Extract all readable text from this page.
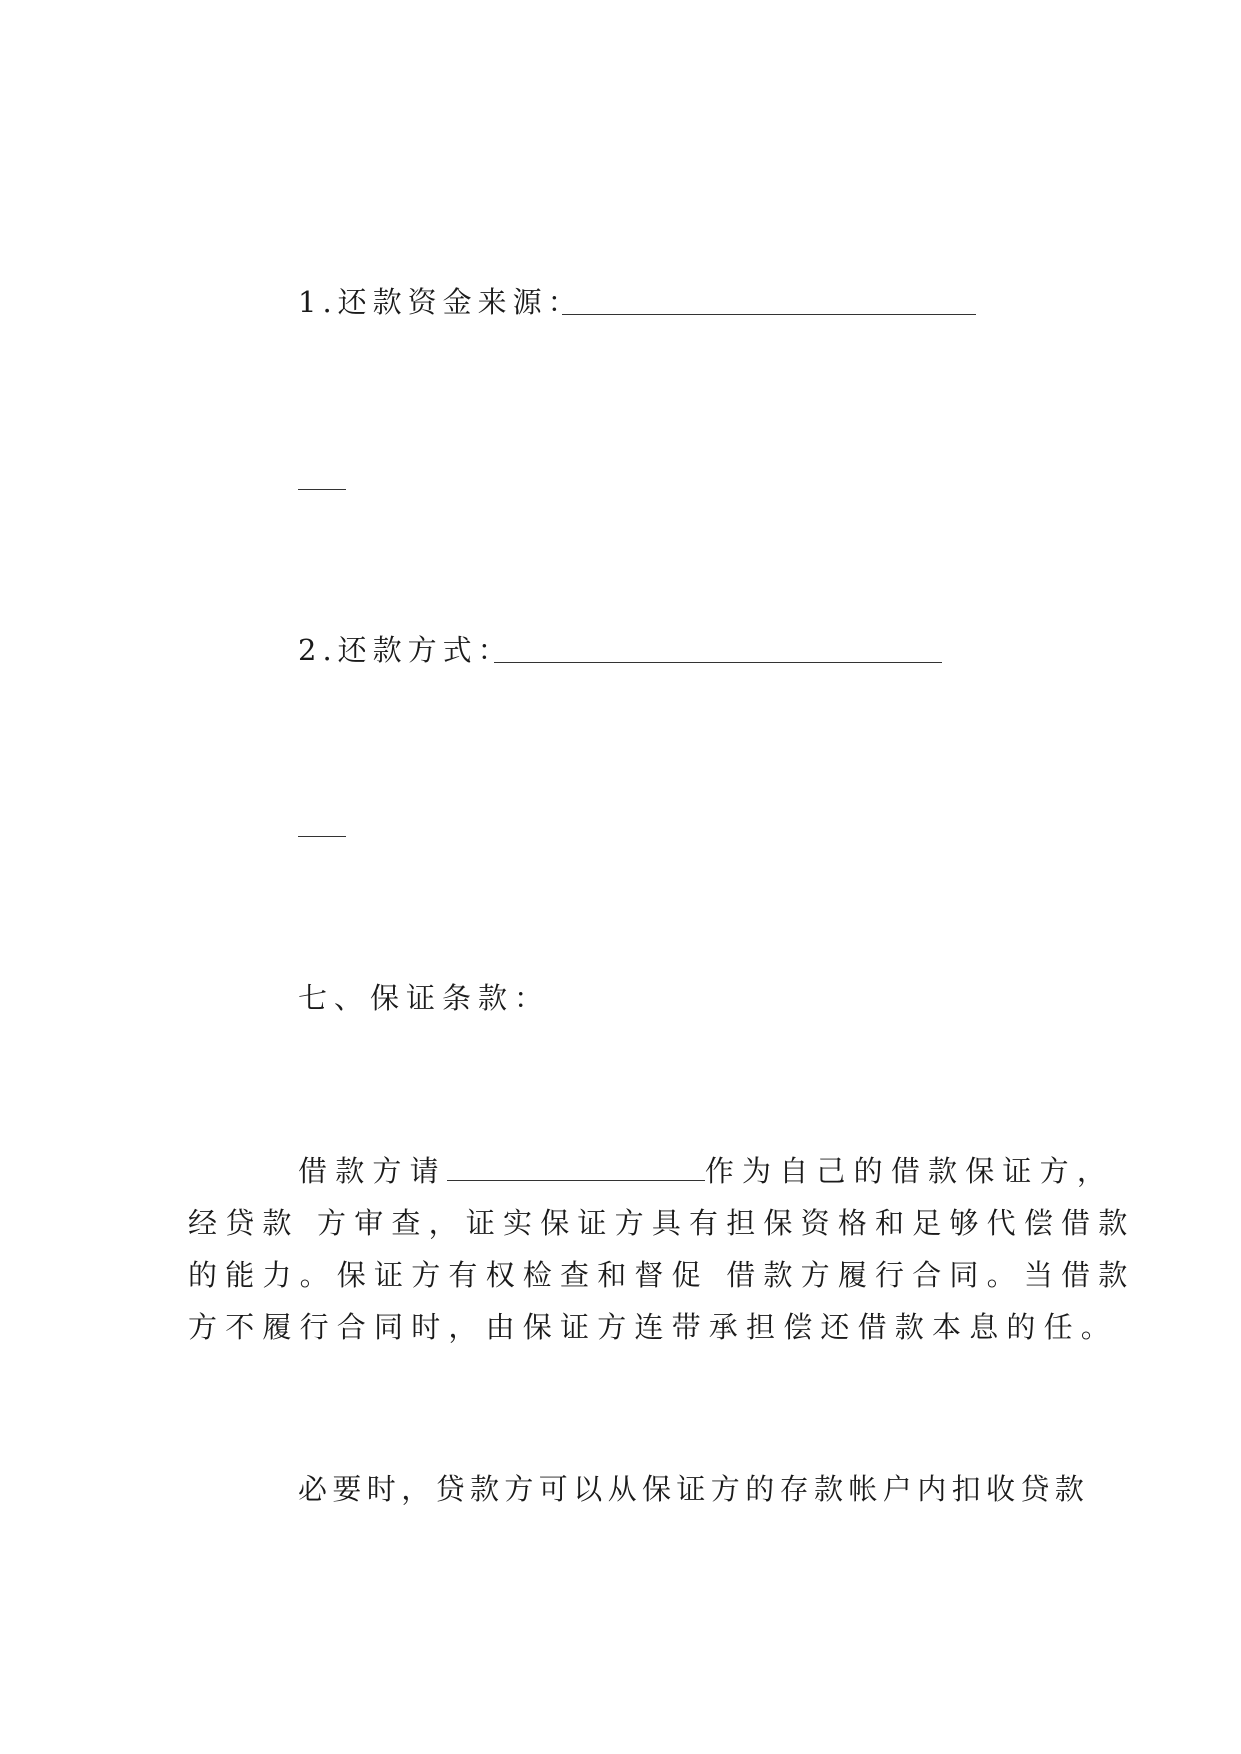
1.还款资金来源：
2.还款方式：
七、保证条款：
借款方请	作为自己的借款保证方，
经贷款 方审查，证实保证方具有担保资格和足够代偿借款
的能力。保证方有权检查和督促 借款方履行合同。当借款
方不履行合同时，由保证方连带承担偿还借款本息的任。
必要时，贷款方可以从保证方的存款帐户内扣收贷款
